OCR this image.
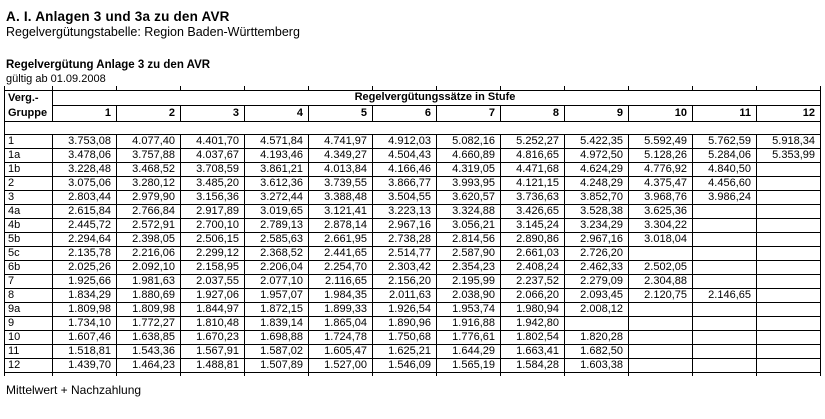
A. I. Anlagen 3 und 3a zu den AVR
Regelvergütungstabelle: Region Baden-Württemberg
Regelvergütung Anlage 3 zu den AVR
gültig ab 01.09.2008

Verg.-
Gruppe	Regelvergütungssätze in Stufe											
	1	2	3	4	5	6	7	8	9	10	11	12

1	3.753,08	4.077,40	4.401,70	4.571,84	4.741,97	4.912,03	5.082,16	5.252,27	5.422,35	5.592,49	5.762,59	5.918,34
1a	3.478,06	3.757,88	4.037,67	4.193,46	4.349,27	4.504,43	4.660,89	4.816,65	4.972,50	5.128,26	5.284,06	5.353,99
1b	3.228,48	3.468,52	3.708,59	3.861,21	4.013,84	4.166,46	4.319,05	4.471,68	4.624,29	4.776,92	4.840,50	
2	3.075,06	3.280,12	3.485,20	3.612,36	3.739,55	3.866,77	3.993,95	4.121,15	4.248,29	4.375,47	4.456,60	
3	2.803,44	2.979,90	3.156,36	3.272,44	3.388,48	3.504,55	3.620,57	3.736,63	3.852,70	3.968,76	3.986,24	
4a	2.615,84	2.766,84	2.917,89	3.019,65	3.121,41	3.223,13	3.324,88	3.426,65	3.528,38	3.625,36		
4b	2.445,72	2.572,91	2.700,10	2.789,13	2.878,14	2.967,16	3.056,21	3.145,24	3.234,29	3.304,22		
5b	2.294,64	2.398,05	2.506,15	2.585,63	2.661,95	2.738,28	2.814,56	2.890,86	2.967,16	3.018,04		
5c	2.135,78	2.216,06	2.299,12	2.368,52	2.441,65	2.514,77	2.587,90	2.661,03	2.726,20			
6b	2.025,26	2.092,10	2.158,95	2.206,04	2.254,70	2.303,42	2.354,23	2.408,24	2.462,33	2.502,05		
7	1.925,66	1.981,63	2.037,55	2.077,10	2.116,65	2.156,20	2.195,99	2.237,52	2.279,09	2.304,88		
8	1.834,29	1.880,69	1.927,06	1.957,07	1.984,35	2.011,63	2.038,90	2.066,20	2.093,45	2.120,75	2.146,65	
9a	1.809,98	1.809,98	1.844,97	1.872,15	1.899,33	1.926,54	1.953,74	1.980,94	2.008,12			
9	1.734,10	1.772,27	1.810,48	1.839,14	1.865,04	1.890,96	1.916,88	1.942,80				
10	1.607,46	1.638,85	1.670,23	1.698,88	1.724,78	1.750,68	1.776,61	1.802,54	1.820,28			
11	1.518,81	1.543,36	1.567,91	1.587,02	1.605,47	1.625,21	1.644,29	1.663,41	1.682,50			
12	1.439,70	1.464,23	1.488,81	1.507,89	1.527,00	1.546,09	1.565,19	1.584,28	1.603,38			

Mittelwert + Nachzahlung
